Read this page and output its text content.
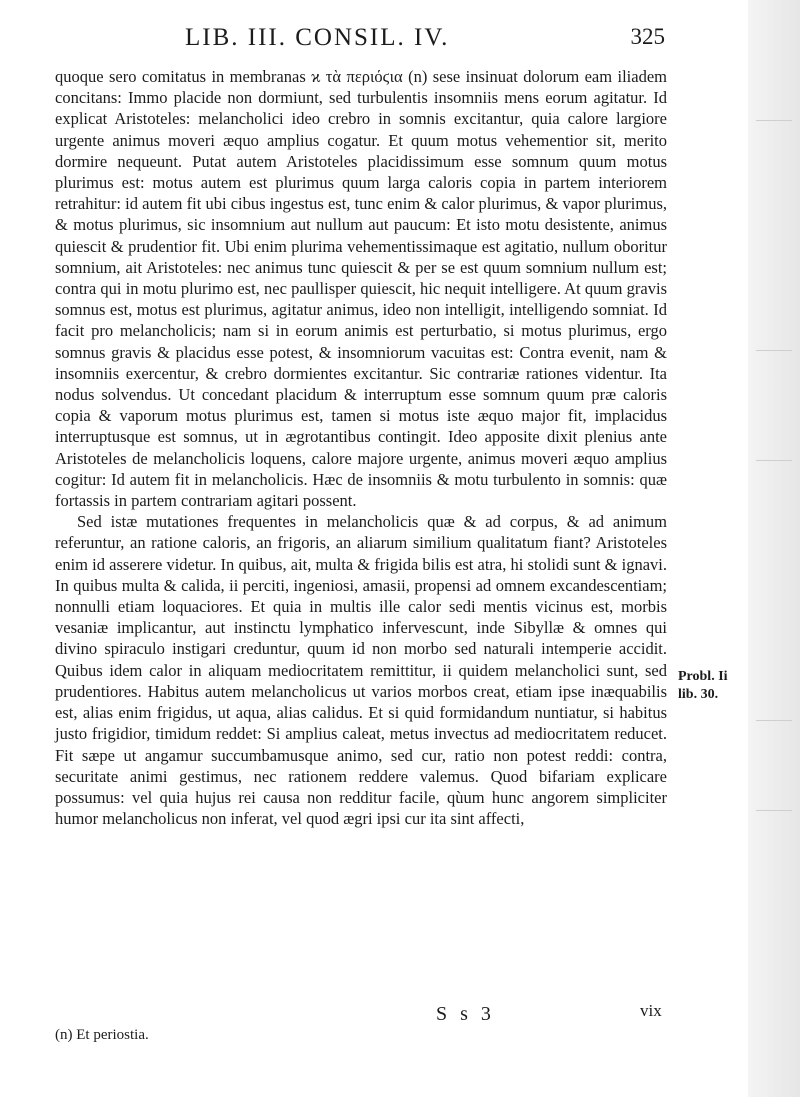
LIB. III. CONSIL. IV.	325

quoque sero comitatus in membranas ϰ τὰ περιόϛια (n) sese insinuat dolorum eam iliadem concitans: Immo placide non dormiunt, sed turbulentis insomniis mens eorum agitatur. Id explicat Aristoteles: melancholici ideo crebro in somnis excitantur, quia calore largiore urgente animus moveri æquo amplius cogatur. Et quum motus vehementior sit, merito dormire nequeunt. Putat autem Aristoteles placidissimum esse somnum quum motus plurimus est: motus autem est plurimus quum larga caloris copia in partem interiorem retrahitur: id autem fit ubi cibus ingestus est, tunc enim & calor plurimus, & vapor plurimus, & motus plurimus, sic insomnium aut nullum aut paucum: Et isto motu desistente, animus quiescit & prudentior fit. Ubi enim plurima vehementissimaque est agitatio, nullum oboritur somnium, ait Aristoteles: nec animus tunc quiescit & per se est quum somnium nullum est; contra qui in motu plurimo est, nec paullisper quiescit, hic nequit intelligere. At quum gravis somnus est, motus est plurimus, agitatur animus, ideo non intelligit, intelligendo somniat. Id facit pro melancholicis; nam si in eorum animis est perturbatio, si motus plurimus, ergo somnus gravis & placidus esse potest, & insomniorum vacuitas est: Contra evenit, nam & insomniis exercentur, & crebro dormientes excitantur. Sic contrariæ rationes videntur. Ita nodus solvendus. Ut concedant placidum & interruptum esse somnum quum præ caloris copia & vaporum motus plurimus est, tamen si motus iste æquo major fit, implacidus interruptusque est somnus, ut in ægrotantibus contingit. Ideo apposite dixit plenius ante Aristoteles de melancholicis loquens, calore majore urgente, animus moveri æquo amplius cogitur: Id autem fit in melancholicis. Hæc de insomniis & motu turbulento in somnis: quæ fortassis in partem contrariam agitari possent.

Sed istæ mutationes frequentes in melancholicis quæ & ad corpus, & ad animum referuntur, an ratione caloris, an frigoris, an aliarum similium qualitatum fiant? Aristoteles enim id asserere videtur. In quibus, ait, multa & frigida bilis est atra, hi stolidi sunt & ignavi. In quibus multa & calida, ii perciti, ingeniosi, amasii, propensi ad omnem excandescentiam; nonnulli etiam loquaciores. Et quia in multis ille calor sedi mentis vicinus est, morbis vesaniæ implicantur, aut instinctu lymphatico infervescunt, inde Sibyllæ & omnes qui divino spiraculo instigari creduntur, quum id non morbo sed naturali intemperie accidit. Quibus idem calor in aliquam mediocritatem remittitur, ii quidem melancholici sunt, sed prudentiores. Habitus autem melancholicus ut varios morbos creat, etiam ipse inæquabilis est, alias enim frigidus, ut aqua, alias calidus. Et si quid formidandum nuntiatur, si habitus justo frigidior, timidum reddet: Si amplius caleat, metus invectus ad mediocritatem reducet. Fit sæpe ut angamur succumbamusque animo, sed cur, ratio non potest reddi: contra, securitate animi gestimus, nec rationem reddere valemus. Quod bifariam explicare possumus: vel quia hujus rei causa non redditur facile, qùum hunc angorem simpliciter humor melancholicus non inferat, vel quod ægri ipsi cur ita sint affecti,

Probl. Ii
lib. 30.
S s 3	vix
(n) Et periostia.
